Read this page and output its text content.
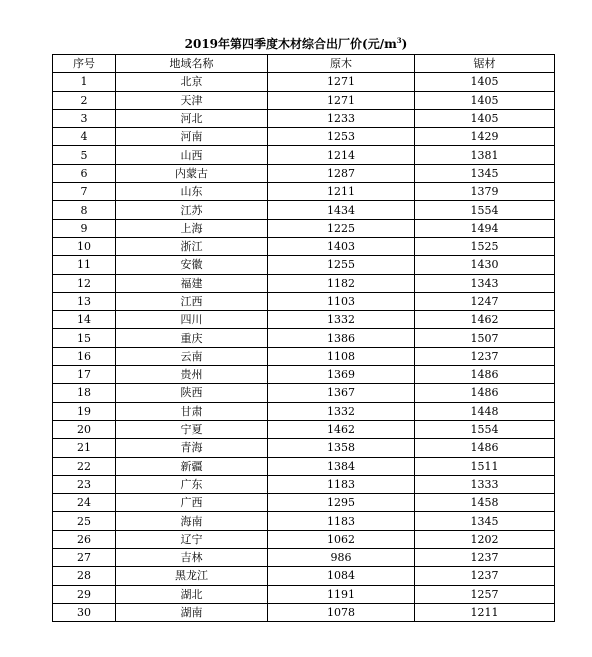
2019年第四季度木材综合出厂价(元$/m^3$)
序号	地域名称	原木	锯材
1	北京	1271	1405
2	天津	1271	1405
3	河北	1233	1405
4	河南	1253	1429
5	山西	1214	1381
6	内蒙古	1287	1345
7	山东	1211	1379
8	江苏	1434	1554
9	上海	1225	1494
10	浙江	1403	1525
11	安徽	1255	1430
12	福建	1182	1343
13	江西	1103	1247
14	四川	1332	1462
15	重庆	1386	1507
16	云南	1108	1237
17	贵州	1369	1486
18	陕西	1367	1486
19	甘肃	1332	1448
20	宁夏	1462	1554
21	青海	1358	1486
22	新疆	1384	1511
23	广东	1183	1333
24	广西	1295	1458
25	海南	1183	1345
26	辽宁	1062	1202
27	吉林	986	1237
28	黑龙江	1084	1237
29	湖北	1191	1257
30	湖南	1078	1211
